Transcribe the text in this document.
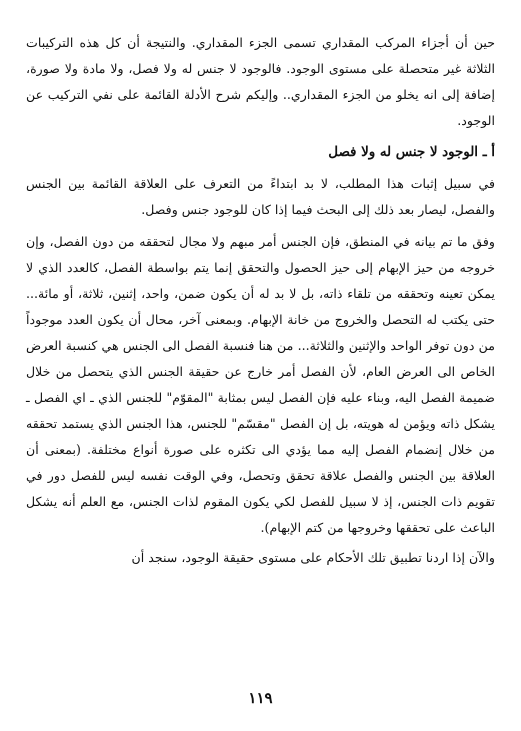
حين أن أجزاء المركب المقداري تسمى الجزء المقداري. والنتيجة أن كل هذه التركيبات الثلاثة غير متحصلة على مستوى الوجود. فالوجود لا جنس له ولا فصل، ولا مادة ولا صورة، إضافة إلى انه يخلو من الجزء المقداري.. وإليكم شرح الأدلة القائمة على نفي التركيب عن الوجود.

أ ـ الوجود لا جنس له ولا فصل

في سبيل إثبات هذا المطلب، لا بد ابتداءً من التعرف على العلاقة القائمة بين الجنس والفصل، ليصار بعد ذلك إلى البحث فيما إذا كان للوجود جنس وفصل.

وفق ما تم بيانه في المنطق، فإن الجنس أمر مبهم ولا مجال لتحققه من دون الفصل، وإن خروجه من حيز الإبهام إلى حيز الحصول والتحقق إنما يتم بواسطة الفصل، كالعدد الذي لا يمكن تعينه وتحققه من تلقاء ذاته، بل لا بد له أن يكون ضمن، واحد، إثنين، ثلاثة، أو مائة... حتى يكتب له التحصل والخروج من خانة الإبهام. وبمعنى آخر، محال أن يكون العدد موجوداً من دون توفر الواحد والإثنين والثلاثة... من هنا فنسبة الفصل الى الجنس هي كنسبة العرض الخاص الى العرض العام، لأن الفصل أمر خارج عن حقيقة الجنس الذي يتحصل من خلال ضميمة الفصل اليه، وبناء عليه فإن الفصل ليس بمثابة "المقوّم" للجنس الذي ـ اي الفصل ـ يشكل ذاته ويؤمن له هويته، بل إن الفصل "مقسّم" للجنس، هذا الجنس الذي يستمد تحققه من خلال إنضمام الفصل إليه مما يؤدي الى تكثره على صورة أنواع مختلفة. (بمعنى أن العلاقة بين الجنس والفصل علاقة تحقق وتحصل، وفي الوقت نفسه ليس للفصل دور في تقويم ذات الجنس، إذ لا سبيل للفصل لكي يكون المقوم لذات الجنس، مع العلم أنه يشكل الباعث على تحققها وخروجها من كتم الإبهام).

والآن إذا اردنا تطبيق تلك الأحكام على مستوى حقيقة الوجود، سنجد أن

١١٩
